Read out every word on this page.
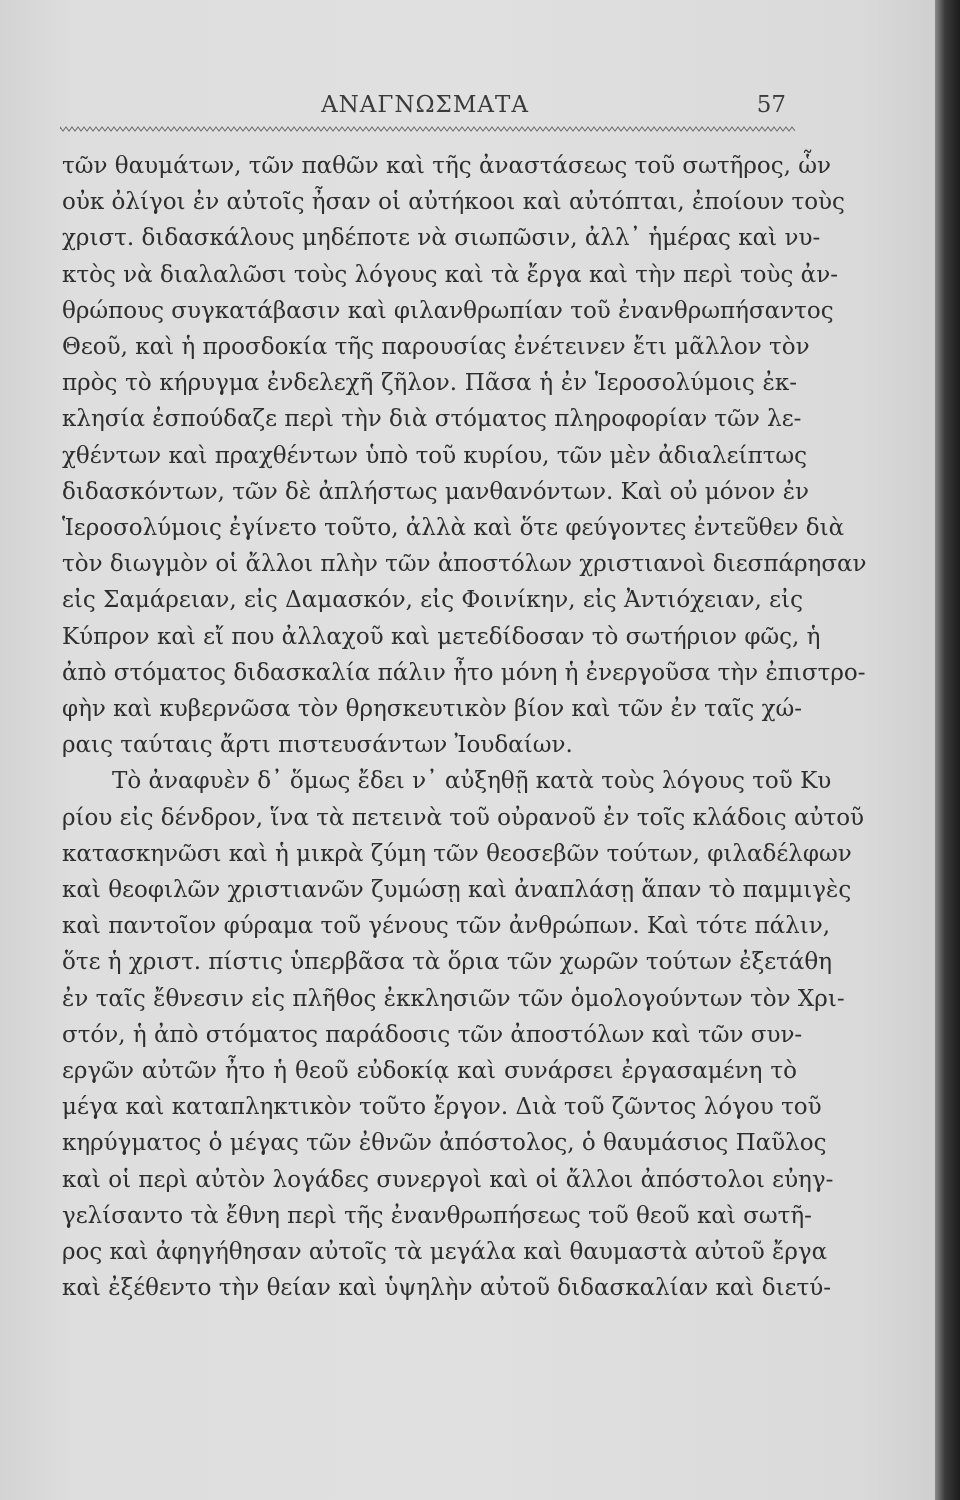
ΑΝΑΓΝΩΣΜΑΤΑ	57
τῶν θαυμάτων, τῶν παθῶν καὶ τῆς ἀναστάσεως τοῦ σωτῆρος, ὧν
οὐκ ὀλίγοι ἐν αὐτοῖς ἦσαν οἱ αὐτήκοοι καὶ αὐτόπται, ἐποίουν τοὺς
χριστ. διδασκάλους μηδέποτε νὰ σιωπῶσιν, ἀλλ᾽ ἡμέρας καὶ νυ-
κτὸς νὰ διαλαλῶσι τοὺς λόγους καὶ τὰ ἔργα καὶ τὴν περὶ τοὺς ἀν-
θρώπους συγκατάβασιν καὶ φιλανθρωπίαν τοῦ ἐνανθρωπήσαντος
Θεοῦ, καὶ ἡ προσδοκία τῆς παρουσίας ἐνέτεινεν ἔτι μᾶλλον τὸν
πρὸς τὸ κήρυγμα ἐνδελεχῆ ζῆλον. Πᾶσα ἡ ἐν Ἱεροσολύμοις ἐκ-
κλησία ἐσπούδαζε περὶ τὴν διὰ στόματος πληροφορίαν τῶν λε-
χθέντων καὶ πραχθέντων ὑπὸ τοῦ κυρίου, τῶν μὲν ἀδιαλείπτως
διδασκόντων, τῶν δὲ ἀπλήστως μανθανόντων. Καὶ οὐ μόνον ἐν
Ἱεροσολύμοις ἐγίνετο τοῦτο, ἀλλὰ καὶ ὅτε φεύγοντες ἐντεῦθεν διὰ
τὸν διωγμὸν οἱ ἄλλοι πλὴν τῶν ἀποστόλων χριστιανοὶ διεσπάρησαν
εἰς Σαμάρειαν, εἰς Δαμασκόν, εἰς Φοινίκην, εἰς Ἀντιόχειαν, εἰς
Κύπρον καὶ εἴ που ἀλλαχοῦ καὶ μετεδίδοσαν τὸ σωτήριον φῶς, ἡ
ἀπὸ στόματος διδασκαλία πάλιν ἦτο μόνη ἡ ἐνεργοῦσα τὴν ἐπιστρο-
φὴν καὶ κυβερνῶσα τὸν θρησκευτικὸν βίον καὶ τῶν ἐν ταῖς χώ-
ραις ταύταις ἄρτι πιστευσάντων Ἰουδαίων.
Τὸ ἀναφυὲν δ᾽ ὅμως ἔδει ν᾽ αὐξηθῇ κατὰ τοὺς λόγους τοῦ Κυ
ρίου εἰς δένδρον, ἵνα τὰ πετεινὰ τοῦ οὐρανοῦ ἐν τοῖς κλάδοις αὐτοῦ
κατασκηνῶσι καὶ ἡ μικρὰ ζύμη τῶν θεοσεβῶν τούτων, φιλαδέλφων
καὶ θεοφιλῶν χριστιανῶν ζυμώσῃ καὶ ἀναπλάσῃ ἅπαν τὸ παμμιγὲς
καὶ παντοῖον φύραμα τοῦ γένους τῶν ἀνθρώπων. Καὶ τότε πάλιν,
ὅτε ἡ χριστ. πίστις ὑπερβᾶσα τὰ ὅρια τῶν χωρῶν τούτων ἐξετάθη
ἐν ταῖς ἔθνεσιν εἰς πλῆθος ἐκκλησιῶν τῶν ὁμολογούντων τὸν Χρι-
στόν, ἡ ἀπὸ στόματος παράδοσις τῶν ἀποστόλων καὶ τῶν συν-
εργῶν αὐτῶν ἦτο ἡ θεοῦ εὐδοκίᾳ καὶ συνάρσει ἐργασαμένη τὸ
μέγα καὶ καταπληκτικὸν τοῦτο ἔργον. Διὰ τοῦ ζῶντος λόγου τοῦ
κηρύγματος ὁ μέγας τῶν ἐθνῶν ἀπόστολος, ὁ θαυμάσιος Παῦλος
καὶ οἱ περὶ αὐτὸν λογάδες συνεργοὶ καὶ οἱ ἄλλοι ἀπόστολοι εὐηγ-
γελίσαντο τὰ ἔθνη περὶ τῆς ἐνανθρωπήσεως τοῦ θεοῦ καὶ σωτῆ-
ρος καὶ ἀφηγήθησαν αὐτοῖς τὰ μεγάλα καὶ θαυμαστὰ αὐτοῦ ἔργα
καὶ ἐξέθεντο τὴν θείαν καὶ ὑψηλὴν αὐτοῦ διδασκαλίαν καὶ διετύ-
